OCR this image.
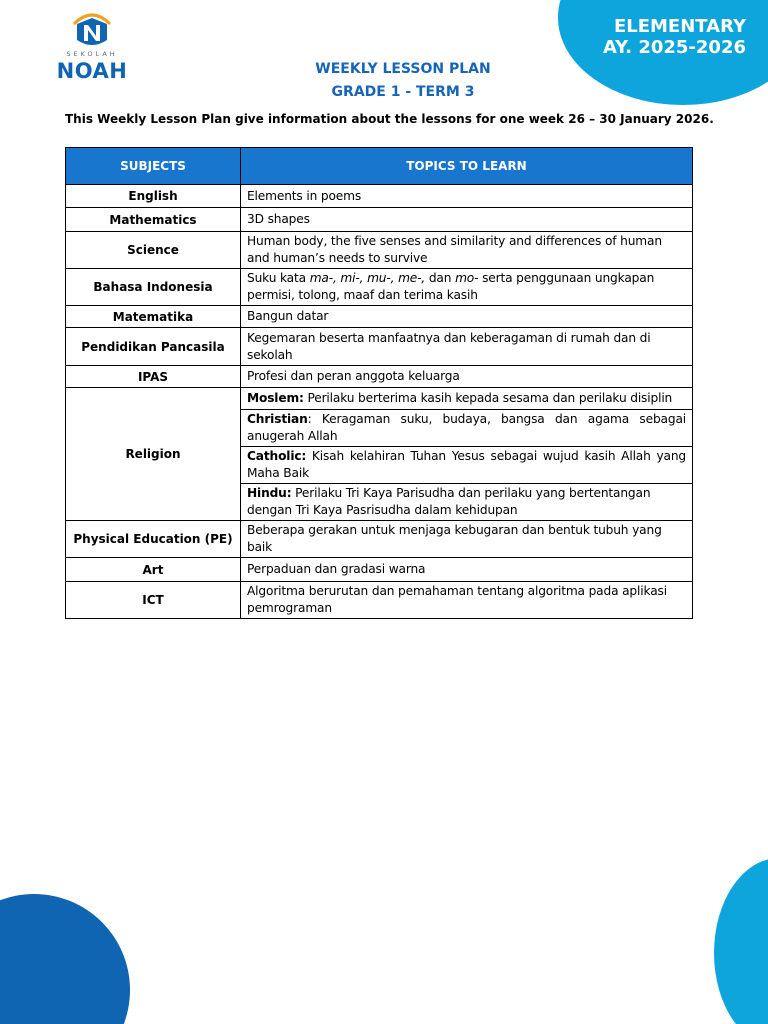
ELEMENTARY
AY. 2025-2026
SEKOLAH
NOAH	WEEKLY LESSON PLAN
GRADE 1 - TERM 3
This Weekly Lesson Plan give information about the lessons for one week 26 – 30 January 2026.
SUBJECTS	TOPICS TO LEARN
English	Elements in poems
Mathematics	3D shapes
Science	Human body, the five senses and similarity and differences of human and human’s needs to survive
Bahasa Indonesia	Suku kata ma-, mi-, mu-, me-, dan mo- serta penggunaan ungkapan permisi, tolong, maaf dan terima kasih
Matematika	Bangun datar
Pendidikan Pancasila	Kegemaran beserta manfaatnya dan keberagaman di rumah dan di sekolah
IPAS	Profesi dan peran anggota keluarga
Religion	Moslem: Perilaku berterima kasih kepada sesama dan perilaku disiplin
	Christian: Keragaman suku, budaya, bangsa dan agama sebagai anugerah Allah
	Catholic: Kisah kelahiran Tuhan Yesus sebagai wujud kasih Allah yang Maha Baik
	Hindu: Perilaku Tri Kaya Parisudha dan perilaku yang bertentangan dengan Tri Kaya Pasrisudha dalam kehidupan
Physical Education (PE)	Beberapa gerakan untuk menjaga kebugaran dan bentuk tubuh yang baik
Art	Perpaduan dan gradasi warna
ICT	Algoritma berurutan dan pemahaman tentang algoritma pada aplikasi pemrograman
